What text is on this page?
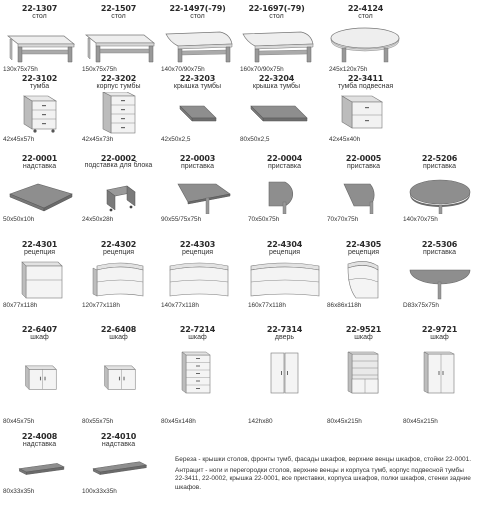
22-1307
стол
130x75x75h
22-1507
стол
150x75x75h
22-1497(-79)
стол
140x70/90x75h
22-1697(-79)
стол
160x70/90x75h
22-4124
стол
245x120x75h
22-3102
тумба
42x45x57h
22-3202
корпус тумбы
42x45x73h
22-3203
крышка тумбы
42x50x2,5
22-3204
крышка тумбы
80x50x2,5
22-3411
тумба подвесная
42x45x40h
22-0001
надставка
50x50x10h
22-0002
подставка для блока
24x50x28h
22-0003
приставка
90x55/75x75h
22-0004
приставка
70x50x75h
22-0005
приставка
70x70x75h
22-5206
приставка
140x70x75h
22-4301
рецепция
80x77x118h
22-4302
рецепция
120x77x118h
22-4303
рецепция
140x77x118h
22-4304
рецепция
160x77x118h
22-4305
рецепция
86x86x118h
22-5306
приставка
D83x75x75h
22-6407
шкаф
80x45x75h
22-6408
шкаф
80x55x75h
22-7214
шкаф
80x45x148h
22-7314
дверь
142hx80
22-9521
шкаф
80x45x215h
22-9721
шкаф
80x45x215h
22-4008
надставка
80x33x35h
22-4010
надставка
100x33x35h

Береза - крышки столов, фронты тумб, фасады шкафов, верхние венцы шкафов, стойки 22-0001.

Антрацит - ноги и перегородки столов, верхние венцы и корпуса тумб, корпус подвесной тумбы 22-3411, 22-0002, крышка 22-0001, все приставки, корпуса шкафов, полки шкафов, стенки задние шкафов.
